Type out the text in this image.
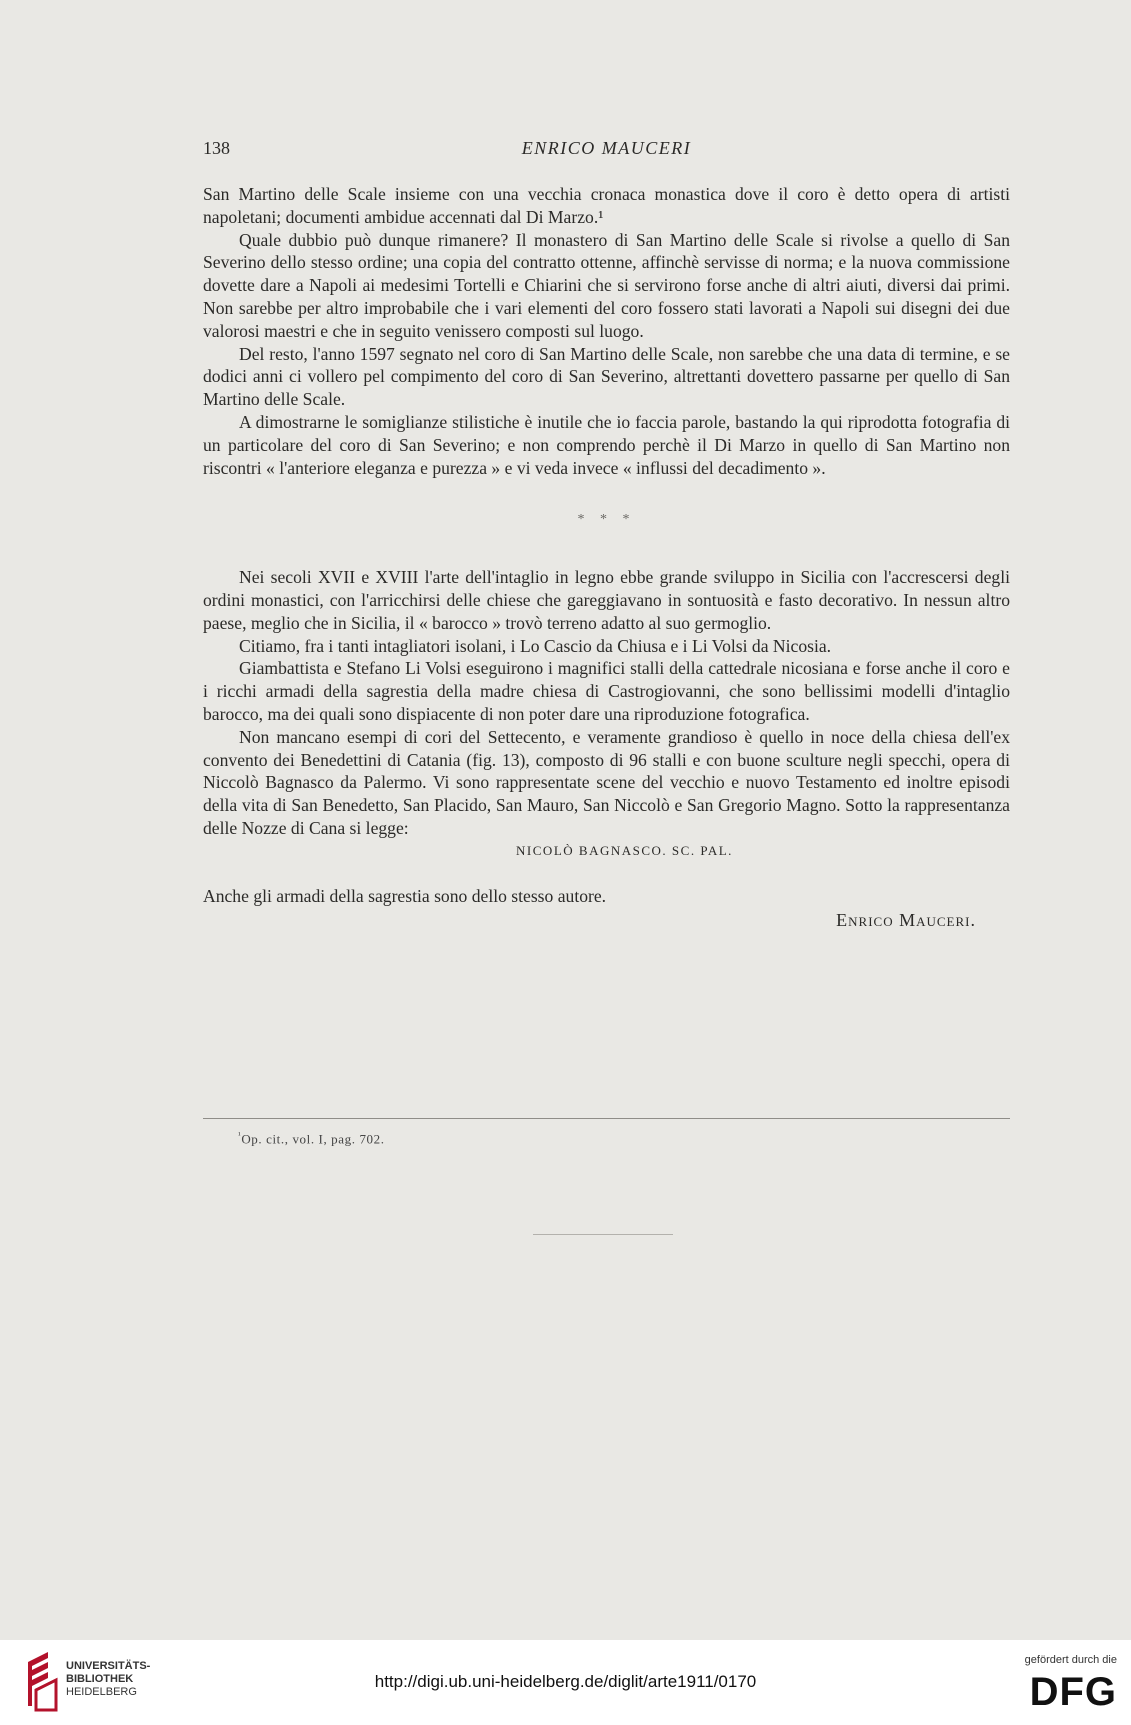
138	ENRICO MAUCERI

San Martino delle Scale insieme con una vecchia cronaca monastica dove il coro è detto opera di artisti napoletani; documenti ambidue accennati dal Di Marzo.¹

Quale dubbio può dunque rimanere? Il monastero di San Martino delle Scale si rivolse a quello di San Severino dello stesso ordine; una copia del contratto ottenne, affinchè servisse di norma; e la nuova commissione dovette dare a Napoli ai medesimi Tortelli e Chiarini che si servirono forse anche di altri aiuti, diversi dai primi. Non sarebbe per altro improbabile che i vari elementi del coro fossero stati lavorati a Napoli sui disegni dei due valorosi maestri e che in seguito venissero composti sul luogo.

Del resto, l'anno 1597 segnato nel coro di San Martino delle Scale, non sarebbe che una data di termine, e se dodici anni ci vollero pel compimento del coro di San Severino, altrettanti dovettero passarne per quello di San Martino delle Scale.

A dimostrarne le somiglianze stilistiche è inutile che io faccia parole, bastando la qui riprodotta fotografia di un particolare del coro di San Severino; e non comprendo perchè il Di Marzo in quello di San Martino non riscontri « l'anteriore eleganza e purezza » e vi veda invece « influssi del decadimento ».

* * *

Nei secoli XVII e XVIII l'arte dell'intaglio in legno ebbe grande sviluppo in Sicilia con l'accrescersi degli ordini monastici, con l'arricchirsi delle chiese che gareggiavano in sontuosità e fasto decorativo. In nessun altro paese, meglio che in Sicilia, il « barocco » trovò terreno adatto al suo germoglio.

Citiamo, fra i tanti intagliatori isolani, i Lo Cascio da Chiusa e i Li Volsi da Nicosia.

Giambattista e Stefano Li Volsi eseguirono i magnifici stalli della cattedrale nicosiana e forse anche il coro e i ricchi armadi della sagrestia della madre chiesa di Castrogiovanni, che sono bellissimi modelli d'intaglio barocco, ma dei quali sono dispiacente di non poter dare una riproduzione fotografica.

Non mancano esempi di cori del Settecento, e veramente grandioso è quello in noce della chiesa dell'ex convento dei Benedettini di Catania (fig. 13), composto di 96 stalli e con buone sculture negli specchi, opera di Niccolò Bagnasco da Palermo. Vi sono rappresentate scene del vecchio e nuovo Testamento ed inoltre episodi della vita di San Benedetto, San Placido, San Mauro, San Niccolò e San Gregorio Magno. Sotto la rappresentanza delle Nozze di Cana si legge:

NICOLÒ BAGNASCO. SC. PAL.

Anche gli armadi della sagrestia sono dello stesso autore.

Enrico Mauceri.
$^{^1}$Op. cit., vol. I, pag. 702.
UNIVERSITÄTS-
BIBLIOTHEK
HEIDELBERG
http://digi.ub.uni-heidelberg.de/diglit/arte1911/0170
gefördert durch die
DFG
